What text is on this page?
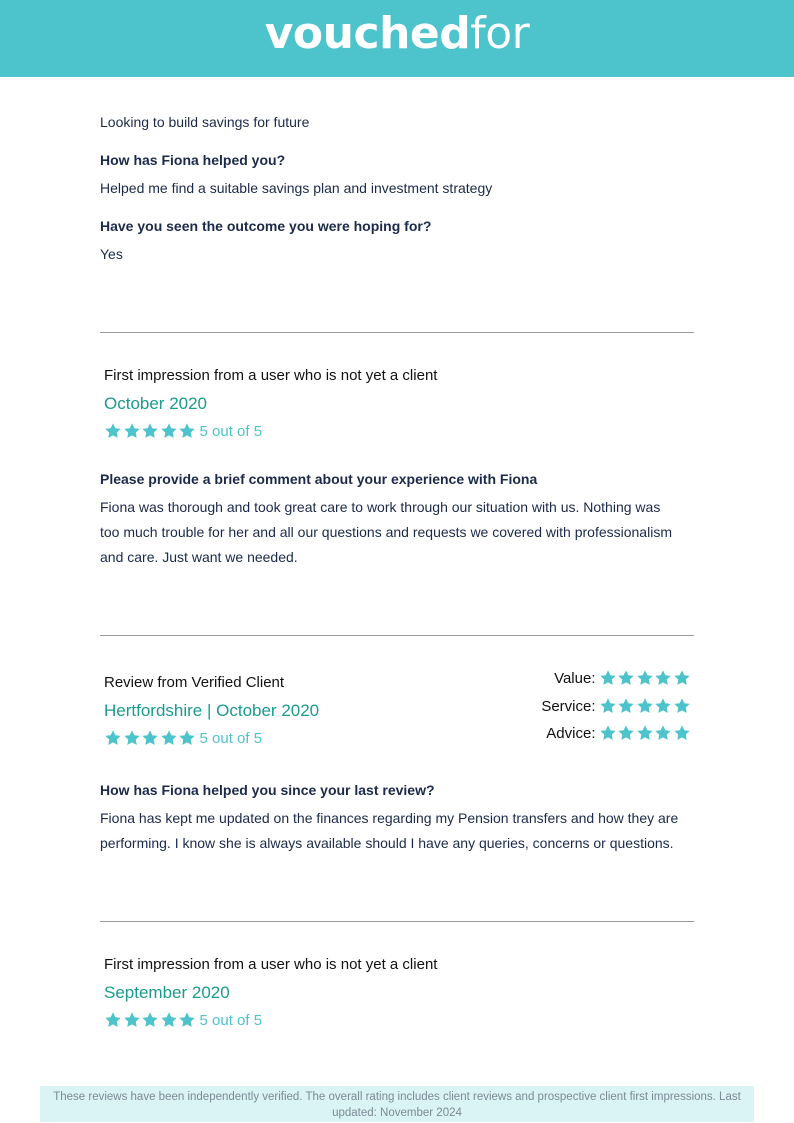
vouchedfor
Looking to build savings for future
How has Fiona helped you?
Helped me find a suitable savings plan and investment strategy
Have you seen the outcome you were hoping for?
Yes
First impression from a user who is not yet a client
October 2020
5 out of 5
Please provide a brief comment about your experience with Fiona
Fiona was thorough and took great care to work through our situation with us. Nothing was
too much trouble for her and all our questions and requests we covered with professionalism
and care. Just want we needed.
Review from Verified Client
Hertfordshire | October 2020
5 out of 5
Value:
Service:
Advice:
How has Fiona helped you since your last review?
Fiona has kept me updated on the finances regarding my Pension transfers and how they are
performing. I know she is always available should I have any queries, concerns or questions.
First impression from a user who is not yet a client
September 2020
5 out of 5
These reviews have been independently verified. The overall rating includes client reviews and prospective client first impressions. Last
updated: November 2024
